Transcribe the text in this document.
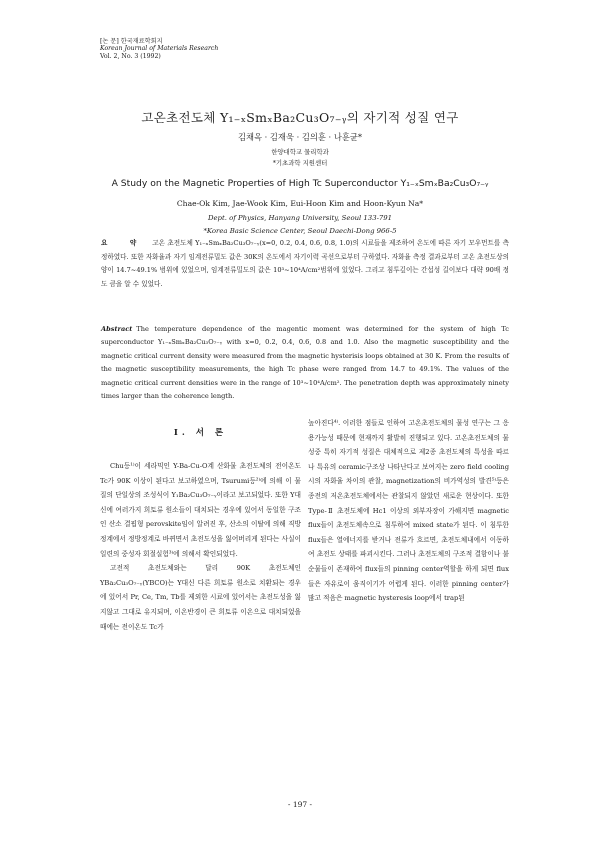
[논 문] 한국재료학회지
Korean Journal of Materials Research
Vol. 2, No. 3 (1992)
고온초전도체 Y₁₋ₓSmₓBa₂Cu₃O₇₋ᵧ의 자기적 성질 연구
김채옥 · 김재욱 · 김의훈 · 나훈균*
한양대학교 물리학과
*기초과학 지원센터
A Study on the Magnetic Properties of High Tc Superconductor Y₁₋ₓSmₓBa₂Cu₃O₇₋ᵧ
Chae-Ok Kim, Jae-Wook Kim, Eui-Hoon Kim and Hoon-Kyun Na*
Dept. of Physics, Hanyang University, Seoul 133-791
*Korea Basic Science Center, Seoul Daechi-Dong 966-5
요 약 고온 초전도체 Y₁₋ₓSmₓBa₂Cu₃O₇₋ᵧ(x=0, 0.2, 0.4, 0.6, 0.8, 1.0)의 시료들을 제조하여 온도에 따른 자기 모우먼트를 측정하였다. 또한 자화율과 자기 임계전류밀도 값은 30K의 온도에서 자기이력 곡선으로부터 구하였다. 자화율 측정 결과로부터 고온 초전도상의 양이 14.7~49.1% 범위에 있었으며, 임계전류밀도의 값은 10³~10⁴A/cm²범위에 있었다. 그리고 침투깊이는 간섭성 길이보다 대략 90배 정도 큼을 알 수 있었다.
Abstract The temperature dependence of the magentic moment was determined for the system of high Tc superconductor Y₁₋ₓSmₓBa₂Cu₃O₇₋ᵧ with x=0, 0.2, 0.4, 0.6, 0.8 and 1.0. Also the magnetic susceptibility and the magnetic critical current density were measured from the magnetic hysterisis loops obtained at 30 K. From the results of the magnetic susceptibility measurements, the high Tc phase were ranged from 14.7 to 49.1%. The values of the magnetic critical current densities were in the range of 10³~10⁴A/cm². The penetration depth was approximately ninety times larger than the coherence length.
I. 서 론

Chu등¹⁾이 세라믹인 Y-Ba-Cu-O계 산화물 초전도체의 전이온도 Tc가 90K 이상이 된다고 보고하였으며, Tsurumi등²⁾에 의해 이 물질의 단일상의 조성식이 Y₁Ba₂Cu₃O₇₋ᵧ이라고 보고되었다. 또한 Y대신에 여러가지 희토류 원소들이 대치되는 경우에 있어서 동일한 구조인 산소 결핍형 perovskite임이 알려진 후, 산소의 이탈에 의해 직방정계에서 정방정계로 바뀌면서 초전도성을 잃어버리게 된다는 사실이 일련의 중성자 회절실험³⁾에 의해서 확인되었다.

고전적 초전도체와는 달리 90K 초전도체인 YBa₂Cu₃O₇₋ᵧ(YBCO)는 Y대신 다른 희토류 원소로 치환되는 경우에 있어서 Pr, Ce, Tm, Tb를 제외한 시료에 있어서는 초전도성을 잃지않고 그대로 유지되며, 이온반경이 큰 희토류 이온으로 대치되었을때에는 전이온도 Tc가

높아진다⁴⁾. 이러한 점들로 인하여 고온초전도체의 물성 연구는 그 응용가능성 때문에 현재까지 활발히 진행되고 있다. 고온초전도체의 물성중 특히 자기적 성질은 대체적으로 제2종 초전도체의 특성을 따르나 특유의 ceramic구조상 나타난다고 보여지는 zero field cooling시의 자화율 차이의 관찰, magnetization의 비가역성의 발견⁵⁾등은 종전의 저온초전도체에서는 관찰되지 않았던 새로운 현상이다. 또한 Type-Ⅱ 초전도체에 Hc1 이상의 외부자장이 가해지면 magnetic flux들이 초전도체속으로 침투하여 mixed state가 된다. 이 침투한 flux들은 열에너지를 받거나 전류가 흐르면, 초전도체내에서 이동하여 초전도 상태를 파괴시킨다. 그러나 초전도체의 구조적 결함이나 불순물들이 존재하여 flux들의 pinning center역할을 하게 되면 flux들은 자유로이 움직이기가 어렵게 된다. 이러한 pinning center가 많고 적음은 magnetic hysteresis loop에서 trap된

- 197 -
